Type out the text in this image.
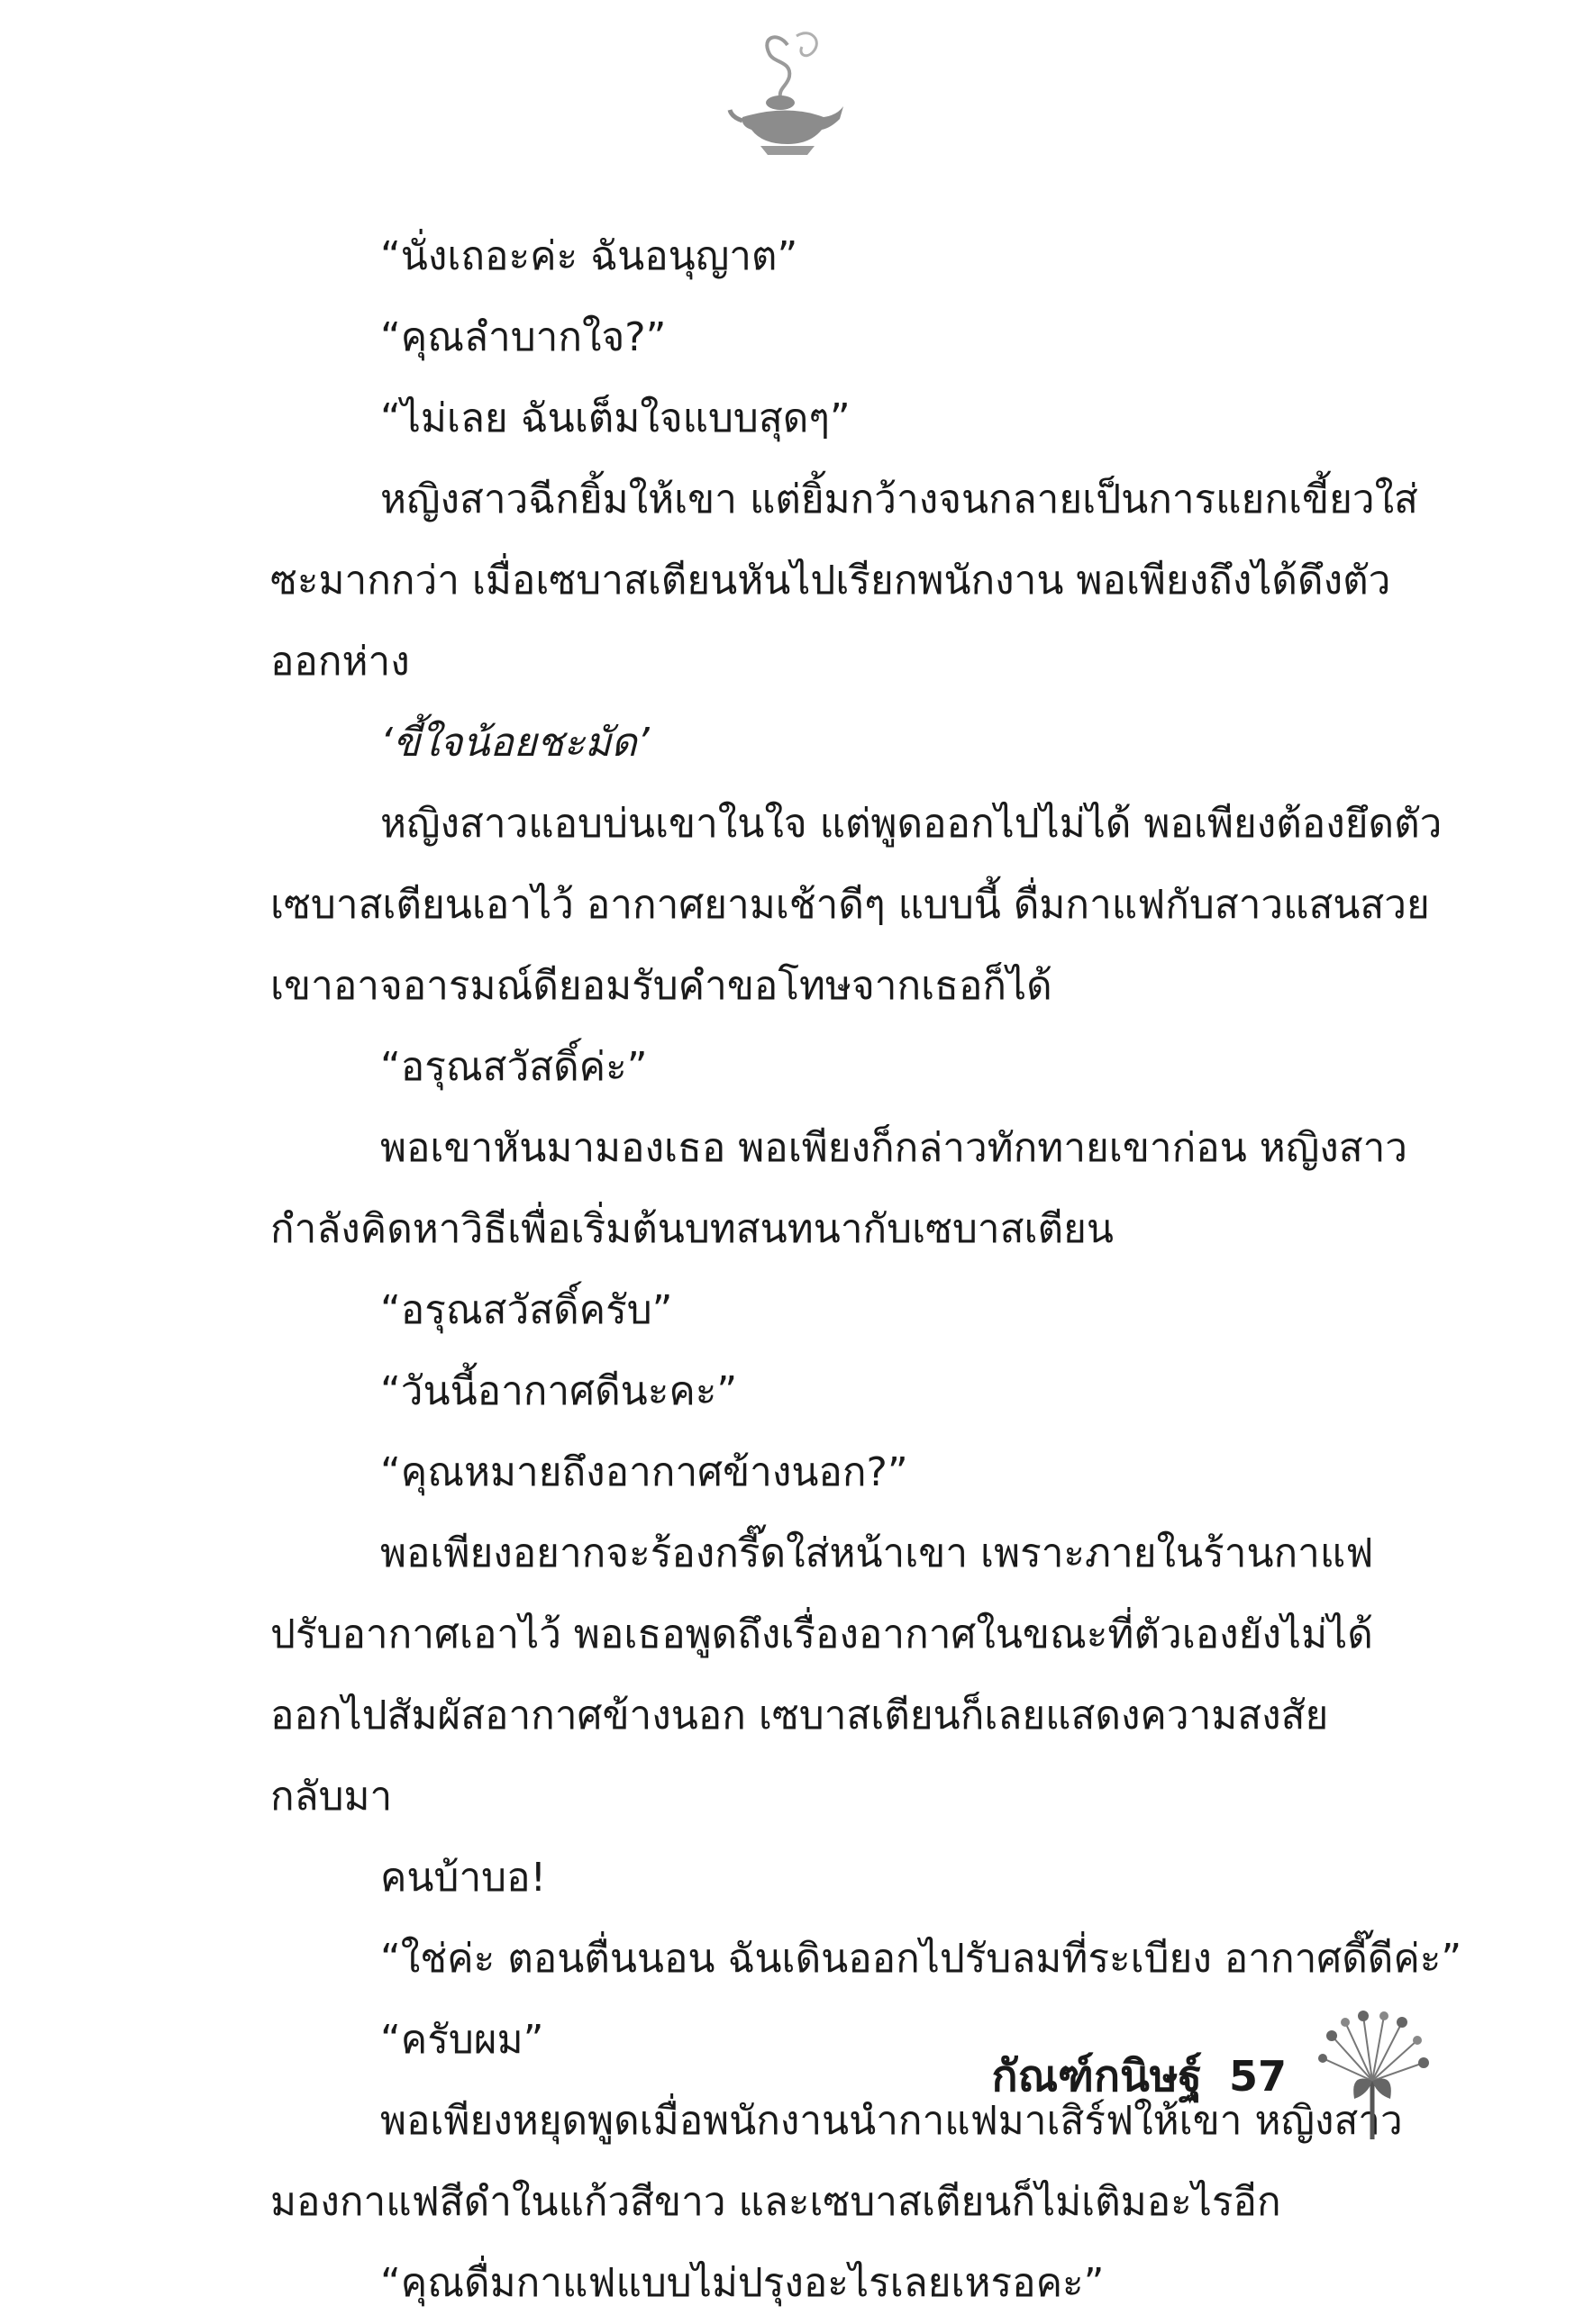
“นั่งเถอะค่ะ ฉันอนุญาต”
“คุณลำบากใจ?”
“ไม่เลย ฉันเต็มใจแบบสุดๆ”
หญิงสาวฉีกยิ้มให้เขา แต่ยิ้มกว้างจนกลายเป็นการแยกเขี้ยวใส่
ซะมากกว่า เมื่อเซบาสเตียนหันไปเรียกพนักงาน พอเพียงถึงได้ดึงตัว
ออกห่าง
‘ขี้ใจน้อยชะมัด’
หญิงสาวแอบบ่นเขาในใจ แต่พูดออกไปไม่ได้ พอเพียงต้องยึดตัว
เซบาสเตียนเอาไว้ อากาศยามเช้าดีๆ แบบนี้ ดื่มกาแฟกับสาวแสนสวย
เขาอาจอารมณ์ดียอมรับคำขอโทษจากเธอก็ได้
“อรุณสวัสดิ์ค่ะ”
พอเขาหันมามองเธอ พอเพียงก็กล่าวทักทายเขาก่อน หญิงสาว
กำลังคิดหาวิธีเพื่อเริ่มต้นบทสนทนากับเซบาสเตียน
“อรุณสวัสดิ์ครับ”
“วันนี้อากาศดีนะคะ”
“คุณหมายถึงอากาศข้างนอก?”
พอเพียงอยากจะร้องกรี๊ดใส่หน้าเขา เพราะภายในร้านกาแฟ
ปรับอากาศเอาไว้ พอเธอพูดถึงเรื่องอากาศในขณะที่ตัวเองยังไม่ได้
ออกไปสัมผัสอากาศข้างนอก เซบาสเตียนก็เลยแสดงความสงสัย
กลับมา
คนบ้าบอ!
“ใช่ค่ะ ตอนตื่นนอน ฉันเดินออกไปรับลมที่ระเบียง อากาศดี๊ดีค่ะ”
“ครับผม”
พอเพียงหยุดพูดเมื่อพนักงานนำกาแฟมาเสิร์ฟให้เขา หญิงสาว
มองกาแฟสีดำในแก้วสีขาว และเซบาสเตียนก็ไม่เติมอะไรอีก
“คุณดื่มกาแฟแบบไม่ปรุงอะไรเลยเหรอคะ”
กัณฑ์กนิษฐ์ 57
